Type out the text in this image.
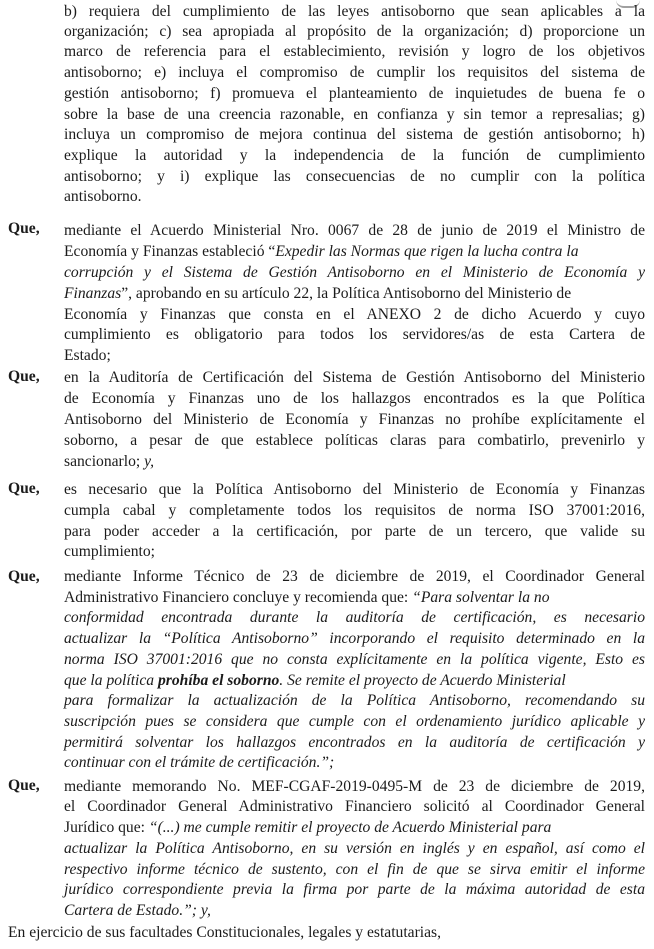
b) requiera del cumplimiento de las leyes antisoborno que sean aplicables a la
organización; c) sea apropiada al propósito de la organización; d) proporcione un
marco de referencia para el establecimiento, revisión y logro de los objetivos
antisoborno; e) incluya el compromiso de cumplir los requisitos del sistema de
gestión antisoborno; f) promueva el planteamiento de inquietudes de buena fe o
sobre la base de una creencia razonable, en confianza y sin temor a represalias; g)
incluya un compromiso de mejora continua del sistema de gestión antisoborno; h)
explique la autoridad y la independencia de la función de cumplimiento
antisoborno; y i) explique las consecuencias de no cumplir con la política
antisoborno.
Que, mediante el Acuerdo Ministerial Nro. 0067 de 28 de junio de 2019 el Ministro de
Economía y Finanzas estableció “Expedir las Normas que rigen la lucha contra la
corrupción y el Sistema de Gestión Antisoborno en el Ministerio de Economía y
Finanzas”, aprobando en su artículo 22, la Política Antisoborno del Ministerio de
Economía y Finanzas que consta en el ANEXO 2 de dicho Acuerdo y cuyo
cumplimiento es obligatorio para todos los servidores/as de esta Cartera de
Estado;
Que, en la Auditoría de Certificación del Sistema de Gestión Antisoborno del Ministerio
de Economía y Finanzas uno de los hallazgos encontrados es la que Política
Antisoborno del Ministerio de Economía y Finanzas no prohíbe explícitamente el
soborno, a pesar de que establece políticas claras para combatirlo, prevenirlo y
sancionarlo; y,
Que, es necesario que la Política Antisoborno del Ministerio de Economía y Finanzas
cumpla cabal y completamente todos los requisitos de norma ISO 37001:2016,
para poder acceder a la certificación, por parte de un tercero, que valide su
cumplimiento;
Que, mediante Informe Técnico de 23 de diciembre de 2019, el Coordinador General
Administrativo Financiero concluye y recomienda que: “Para solventar la no
conformidad encontrada durante la auditoría de certificación, es necesario
actualizar la “Política Antisoborno” incorporando el requisito determinado en la
norma ISO 37001:2016 que no consta explícitamente en la política vigente, Esto es
que la política prohíba el soborno. Se remite el proyecto de Acuerdo Ministerial
para formalizar la actualización de la Política Antisoborno, recomendando su
suscripción pues se considera que cumple con el ordenamiento jurídico aplicable y
permitirá solventar los hallazgos encontrados en la auditoría de certificación y
continuar con el trámite de certificación.”;
Que, mediante memorando No. MEF-CGAF-2019-0495-M de 23 de diciembre de 2019,
el Coordinador General Administrativo Financiero solicitó al Coordinador General
Jurídico que: “(...) me cumple remitir el proyecto de Acuerdo Ministerial para
actualizar la Política Antisoborno, en su versión en inglés y en español, así como el
respectivo informe técnico de sustento, con el fin de que se sirva emitir el informe
jurídico correspondiente previa la firma por parte de la máxima autoridad de esta
Cartera de Estado.”; y,
En ejercicio de sus facultades Constitucionales, legales y estatutarias,
